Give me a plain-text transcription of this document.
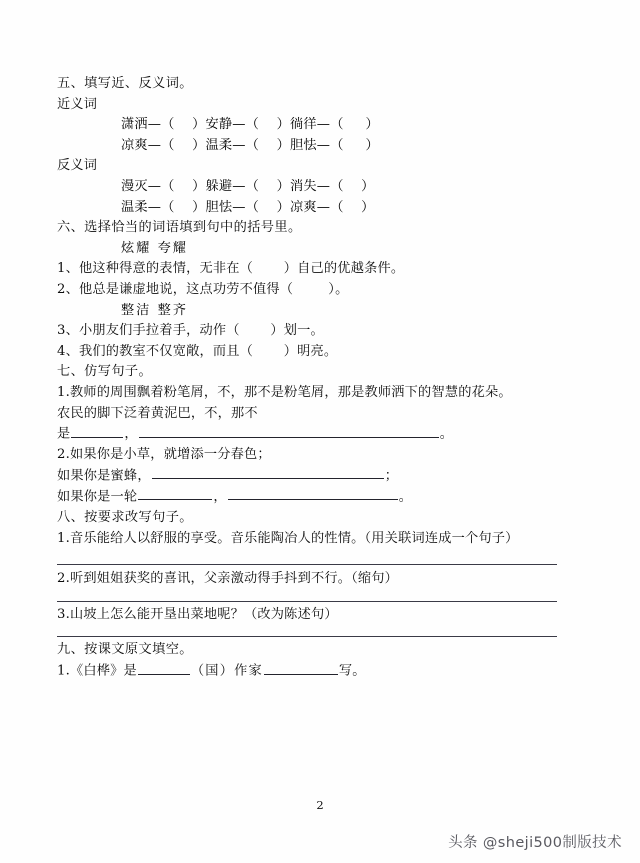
五、填写近、反义词。
近义词
潇洒—（    ） 安静—（    ） 徜徉—（     ）
凉爽—（    ） 温柔—（    ） 胆怯—（     ）
反义词
漫灭—（    ） 躲避—（    ） 消失—（    ）
温柔—（    ） 胆怯—（    ） 凉爽—（    ）
六、选择恰当的词语填到句中的括号里。
炫耀 夸耀
1、他这种得意的表情，无非在（       ）自己的优越条件。
2、他总是谦虚地说，这点功劳不值得（        ）。
整洁 整齐
3、小朋友们手拉着手，动作（       ）划一。
4、我们的教室不仅宽敞，而且（       ）明亮。
七、仿写句子。
1.教师的周围飘着粉笔屑，不，那不是粉笔屑，那是教师洒下的智慧的花朵。
农民的脚下泛着黄泥巴，不，那不
是	，	。
2.如果你是小草，就增添一分春色；
如果你是蜜蜂，	；
如果你是一轮	，	。
八、按要求改写句子。
1.音乐能给人以舒服的享受。音乐能陶冶人的性情。（用关联词连成一个句子）
2.听到姐姐获奖的喜讯，父亲激动得手抖到不行。（缩句）
3.山坡上怎么能开垦出菜地呢？（改为陈述句）
九、按课文原文填空。
1.《白桦》是	（国）作家	写。
2
头条 @sheji500制版技术
